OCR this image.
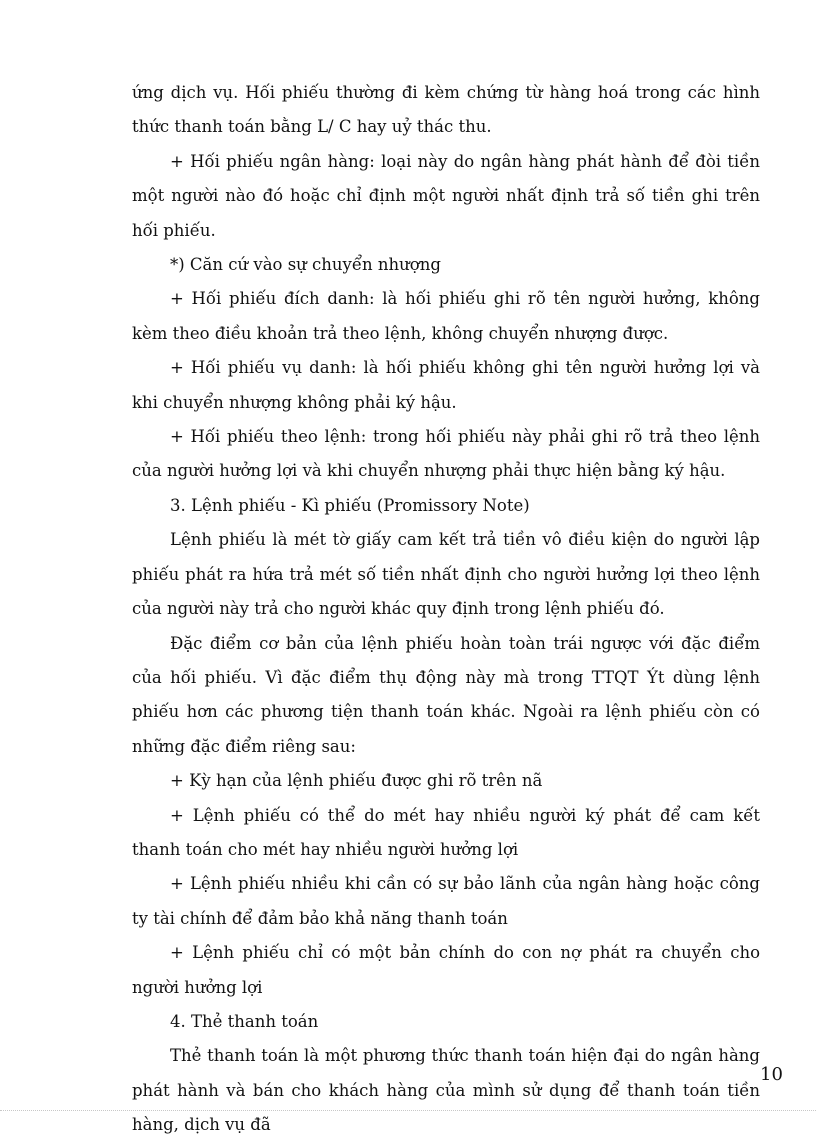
ứng dịch vụ. Hối phiếu thường đi kèm chứng từ hàng hoá trong các hình thức thanh toán bằng L/ C hay uỷ thác thu.

+ Hối phiếu ngân hàng: loại này do ngân hàng phát hành để đòi tiền một người nào đó hoặc chỉ định một người nhất định trả số tiền ghi trên hối phiếu.

*) Căn cứ vào sự chuyển nhượng

+ Hối phiếu đích danh: là hối phiếu ghi rõ tên người hưởng, không kèm theo điều khoản trả theo lệnh, không chuyển nhượng được.

+ Hối phiếu vụ danh: là hối phiếu không ghi tên người hưởng lợi và khi chuyển nhượng không phải ký hậu.

+ Hối phiếu theo lệnh: trong hối phiếu này phải ghi rõ trả theo lệnh của người hưởng lợi và khi chuyển nhượng phải thực hiện bằng ký hậu.

3. Lệnh phiếu - Kì phiếu (Promissory Note)

Lệnh phiếu là mét tờ giấy cam kết trả tiền vô điều kiện do người lập phiếu phát ra hứa trả mét số tiền nhất định cho người hưởng lợi theo lệnh của người này trả cho người khác quy định trong lệnh phiếu đó.

Đặc điểm cơ bản của lệnh phiếu hoàn toàn trái ngược với đặc điểm của hối phiếu. Vì đặc điểm thụ động này mà trong TTQT Ýt dùng lệnh phiếu hơn các phương tiện thanh toán khác. Ngoài ra lệnh phiếu còn có những đặc điểm riêng sau:

+ Kỳ hạn của lệnh phiếu được ghi rõ trên nã

+ Lệnh phiếu có thể do mét hay nhiều người ký phát để cam kết thanh toán cho mét hay nhiều người hưởng lợi

+ Lệnh phiếu nhiều khi cần có sự bảo lãnh của ngân hàng hoặc công ty tài chính để đảm bảo khả năng thanh toán

+ Lệnh phiếu chỉ có một bản chính do con nợ phát ra chuyển cho người hưởng lợi

4. Thẻ thanh toán

Thẻ thanh toán là một phương thức thanh toán hiện đại do ngân hàng phát hành và bán cho khách hàng của mình sử dụng để thanh toán tiền hàng, dịch vụ đã

10
